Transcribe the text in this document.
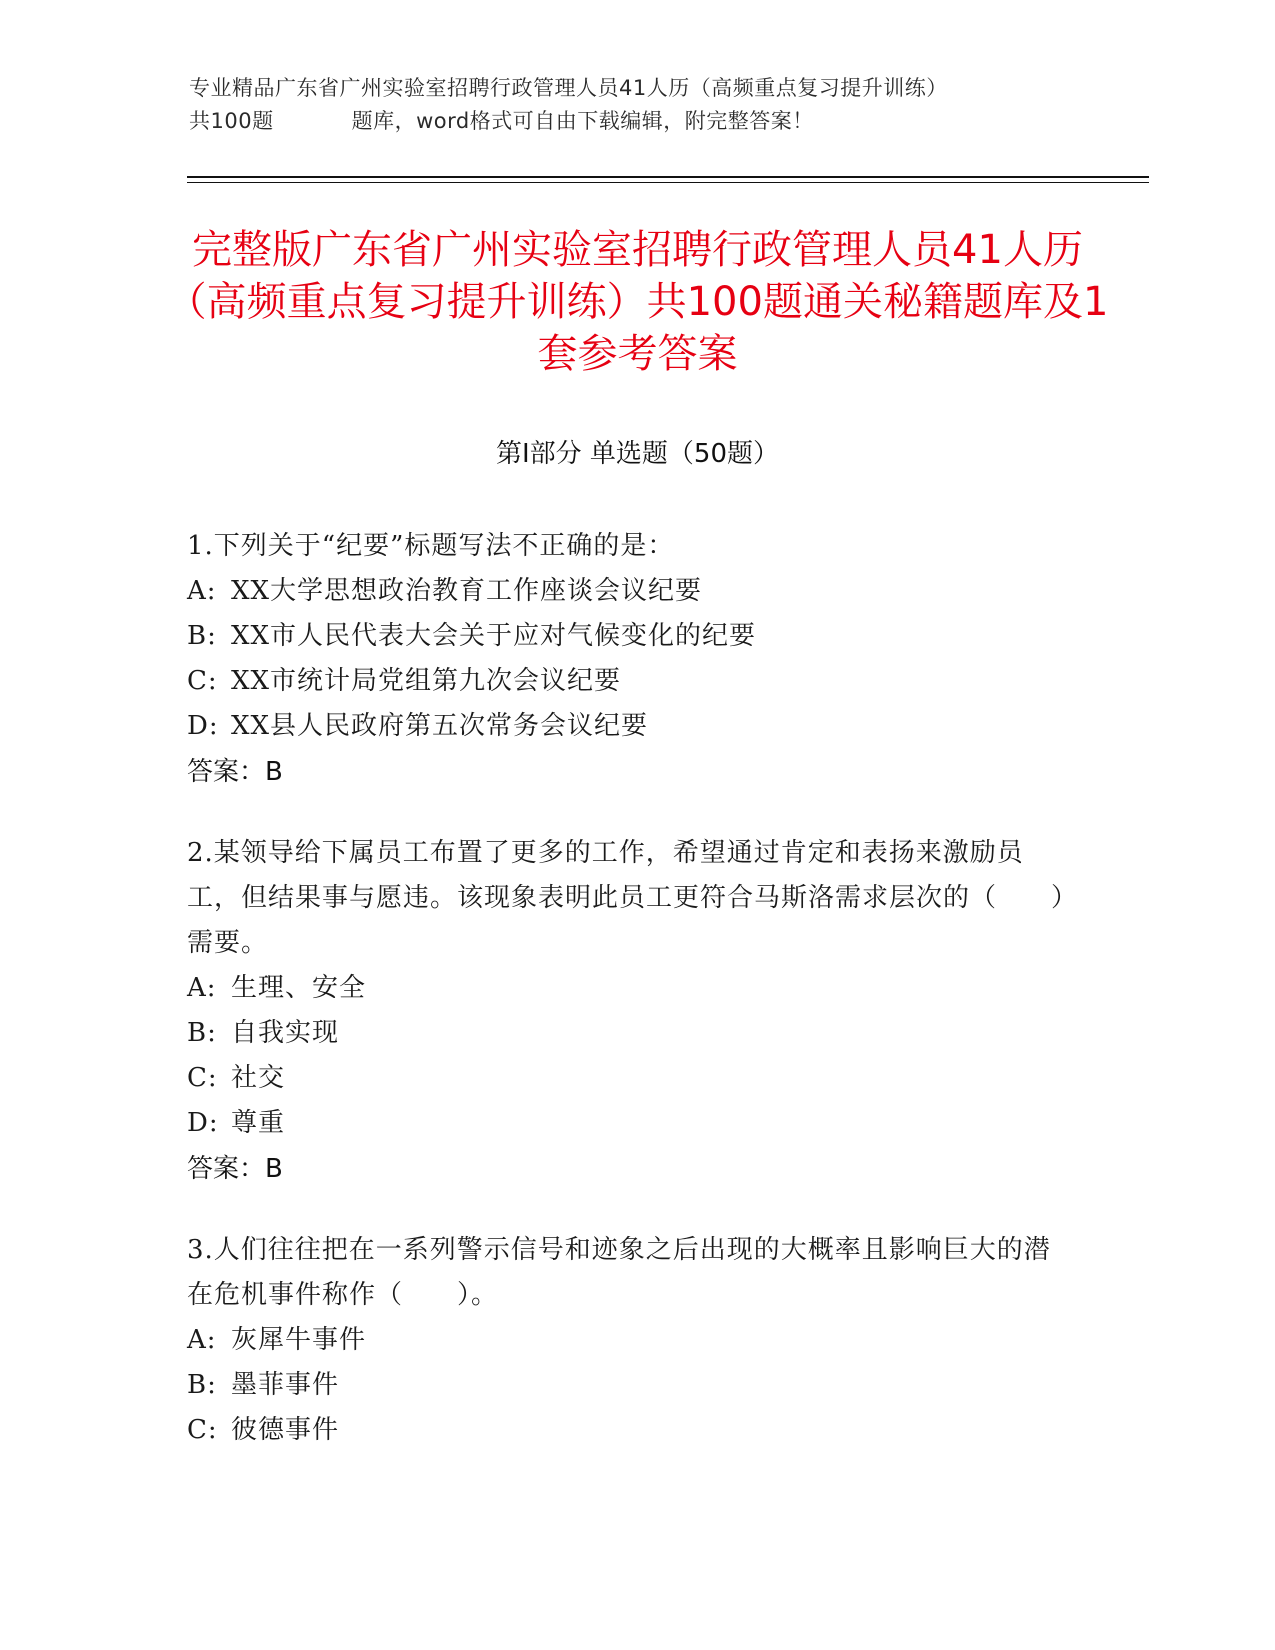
专业精品广东省广州实验室招聘行政管理人员41人历（高频重点复习提升训练）
共100题	题库，word格式可自由下载编辑，附完整答案！
完整版广东省广州实验室招聘行政管理人员41人历（高频重点复习提升训练）共100题通关秘籍题库及1套参考答案
第Ⅰ部分 单选题（50题）
1.下列关于“纪要”标题写法不正确的是：
A: XX大学思想政治教育工作座谈会议纪要
B: XX市人民代表大会关于应对气候变化的纪要
C: XX市统计局党组第九次会议纪要
D: XX县人民政府第五次常务会议纪要
答案：B
2.某领导给下属员工布置了更多的工作，希望通过肯定和表扬来激励员工，但结果事与愿违。该现象表明此员工更符合马斯洛需求层次的（　　）需要。
A: 生理、安全
B: 自我实现
C: 社交
D: 尊重
答案：B
3.人们往往把在一系列警示信号和迹象之后出现的大概率且影响巨大的潜在危机事件称作（　　）。
A: 灰犀牛事件
B: 墨菲事件
C: 彼德事件
